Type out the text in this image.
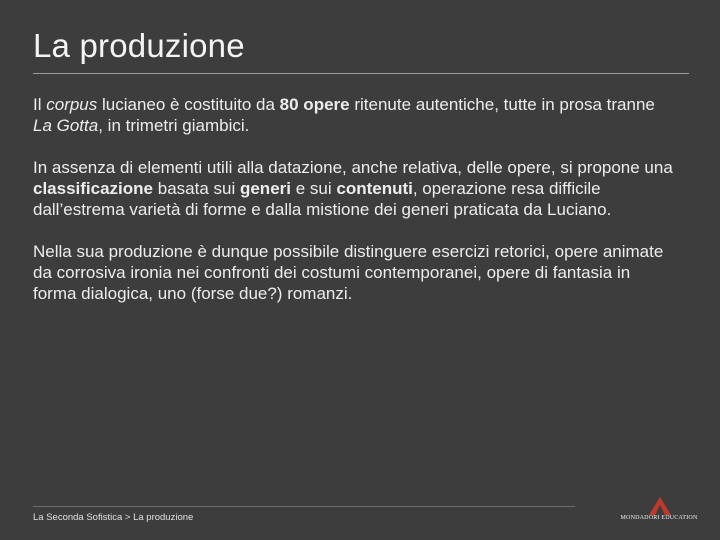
La produzione

Il corpus lucianeo è costituito da 80 opere ritenute autentiche, tutte in prosa tranne La Gotta, in trimetri giambici.

In assenza di elementi utili alla datazione, anche relativa, delle opere, si propone una classificazione basata sui generi e sui contenuti, operazione resa difficile dall’estrema varietà di forme e dalla mistione dei generi praticata da Luciano.

Nella sua produzione è dunque possibile distinguere esercizi retorici, opere animate da corrosiva ironia nei confronti dei costumi contemporanei, opere di fantasia in forma dialogica, uno (forse due?) romanzi.

La Seconda Sofistica > La produzione	MONDADORI EDUCATION
